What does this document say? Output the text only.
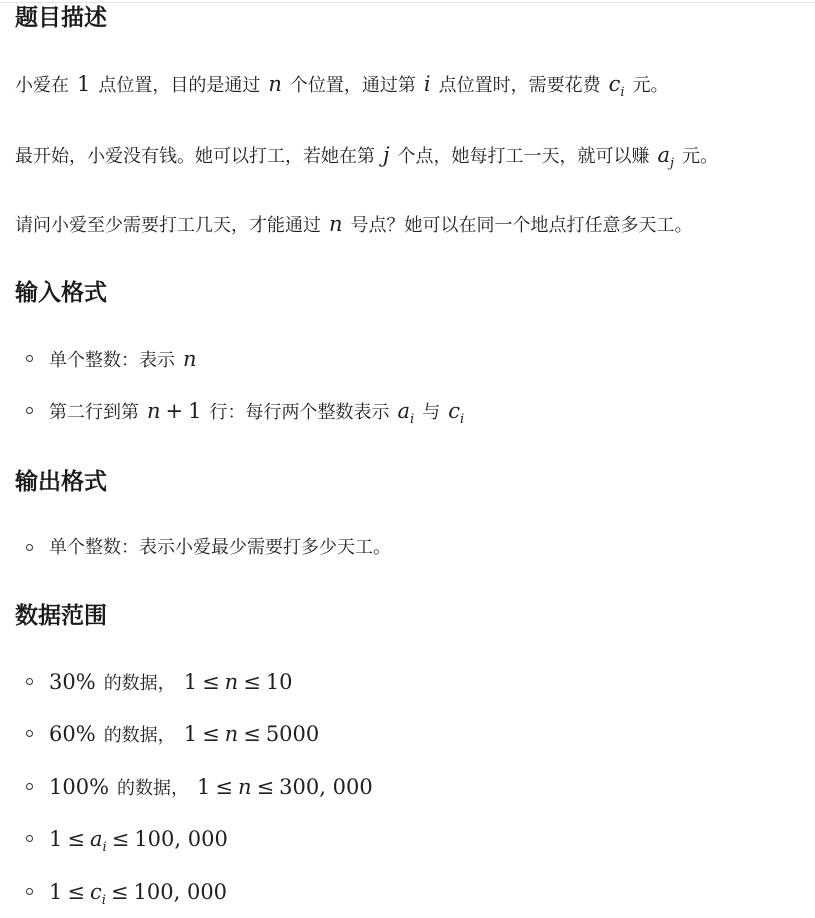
题目描述
小爱在 1 点位置，目的是通过 n 个位置，通过第 i 点位置时，需要花费 $c_i$ 元。
最开始，小爱没有钱。她可以打工，若她在第 j 个点，她每打工一天，就可以赚 $a_j$ 元。
请问小爱至少需要打工几天，才能通过 n 号点？她可以在同一个地点打任意多天工。
输入格式
单个整数：表示 n
第二行到第 n + 1 行：每行两个整数表示 $a_i$ 与 $c_i$
输出格式
单个整数：表示小爱最少需要打多少天工。
数据范围
30% 的数据， 1 ≤ n ≤ 10
60% 的数据， 1 ≤ n ≤ 5000
100% 的数据， 1 ≤ n ≤ 300, 000
$1 \le a_i \le 100$, 000
$1 \le c_i \le 100$, 000
